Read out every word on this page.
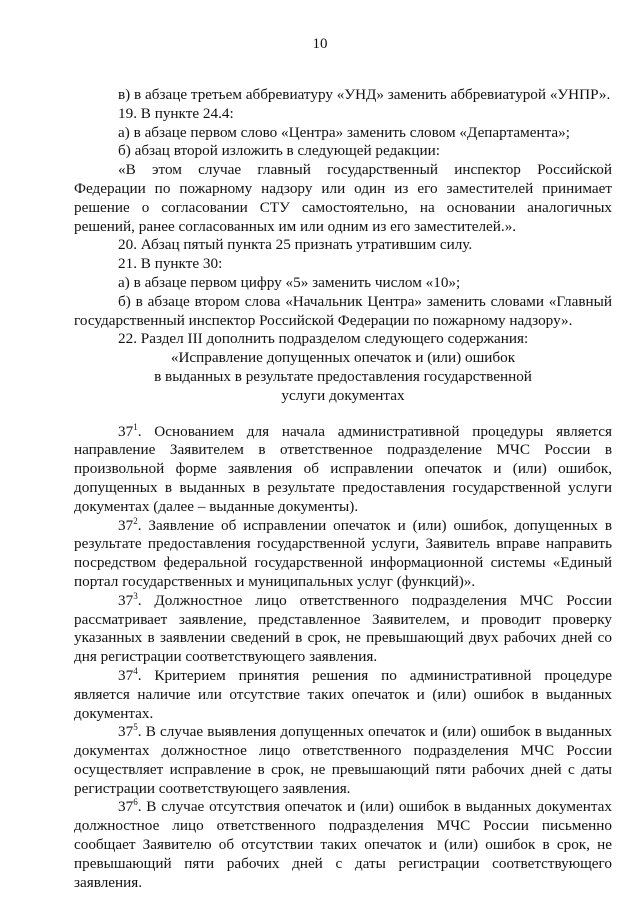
10

в) в абзаце третьем аббревиатуру «УНД» заменить аббревиатурой «УНПР».

19. В пункте 24.4:

а) в абзаце первом слово «Центра» заменить словом «Департамента»;

б) абзац второй изложить в следующей редакции:

«В этом случае главный государственный инспектор Российской Федерации по пожарному надзору или один из его заместителей принимает решение о согласовании СТУ самостоятельно, на основании аналогичных решений, ранее согласованных им или одним из его заместителей.».

20. Абзац пятый пункта 25 признать утратившим силу.

21. В пункте 30:

а) в абзаце первом цифру «5» заменить числом «10»;

б) в абзаце втором слова «Начальник Центра» заменить словами «Главный государственный инспектор Российской Федерации по пожарному надзору».

22. Раздел III дополнить подразделом следующего содержания:

«Исправление допущенных опечаток и (или) ошибок

в выданных в результате предоставления государственной

услуги документах

$37^1$. Основанием для начала административной процедуры является направление Заявителем в ответственное подразделение МЧС России в произвольной форме заявления об исправлении опечаток и (или) ошибок, допущенных в выданных в результате предоставления государственной услуги документах (далее – выданные документы).

$37^2$. Заявление об исправлении опечаток и (или) ошибок, допущенных в результате предоставления государственной услуги, Заявитель вправе направить посредством федеральной государственной информационной системы «Единый портал государственных и муниципальных услуг (функций)».

$37^3$. Должностное лицо ответственного подразделения МЧС России рассматривает заявление, представленное Заявителем, и проводит проверку указанных в заявлении сведений в срок, не превышающий двух рабочих дней со дня регистрации соответствующего заявления.

$37^4$. Критерием принятия решения по административной процедуре является наличие или отсутствие таких опечаток и (или) ошибок в выданных документах.

$37^5$. В случае выявления допущенных опечаток и (или) ошибок в выданных документах должностное лицо ответственного подразделения МЧС России осуществляет исправление в срок, не превышающий пяти рабочих дней с даты регистрации соответствующего заявления.

$37^6$. В случае отсутствия опечаток и (или) ошибок в выданных документах должностное лицо ответственного подразделения МЧС России письменно сообщает Заявителю об отсутствии таких опечаток и (или) ошибок в срок, не превышающий пяти рабочих дней с даты регистрации соответствующего заявления.
